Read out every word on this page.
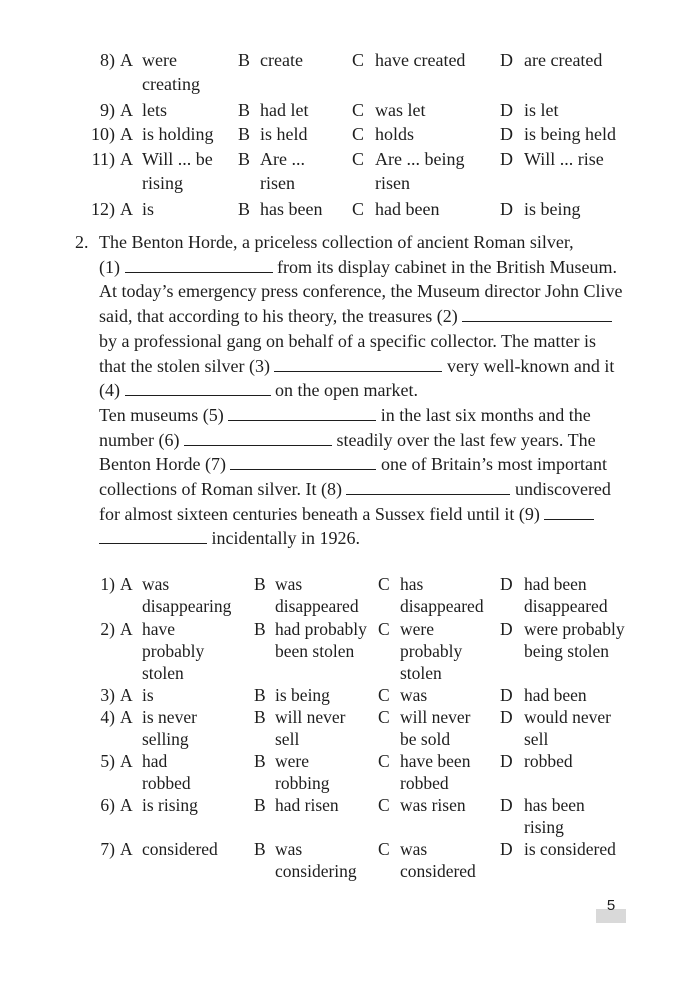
8) A were creating
B create	C have created	D are created
9) A lets	B had let	C was let	D is let
10) A is holding	B is held	C holds	D is being held
11) A Will ... be rising
B Are ... risen
C Are ... being risen
D Will ... rise
12) A is	B has been	C had been	D is being
2. The Benton Horde, a priceless collection of ancient Roman silver,
(1)	from its display cabinet in the British Museum.
At today’s emergency press conference, the Museum director John Clive
said, that according to his theory, the treasures (2)
by a professional gang on behalf of a specific collector. The matter is
that the stolen silver (3)	very well-known and it
(4)	on the open market.
Ten museums (5)	in the last six months and the
number (6)	steadily over the last few years. The
Benton Horde (7)	one of Britain’s most important
collections of Roman silver. It (8)	undiscovered
for almost sixteen centuries beneath a Sussex field until it (9)
incidentally in 1926.
1) A was disappearing
B was disappeared
C has disappeared
D had been disappeared
2) A have probably stolen
B had probably been stolen
C were probably stolen
D were probably being stolen
3) A is	B is being	C was	D had been
4) A is never selling
B will never sell
C will never be sold
D would never sell
5) A had robbed
B were robbing
C have been robbed
D robbed
6) A is rising	B had risen	C was risen	D has been rising
7) A considered	B was considering
C was considered
D is considered
5
